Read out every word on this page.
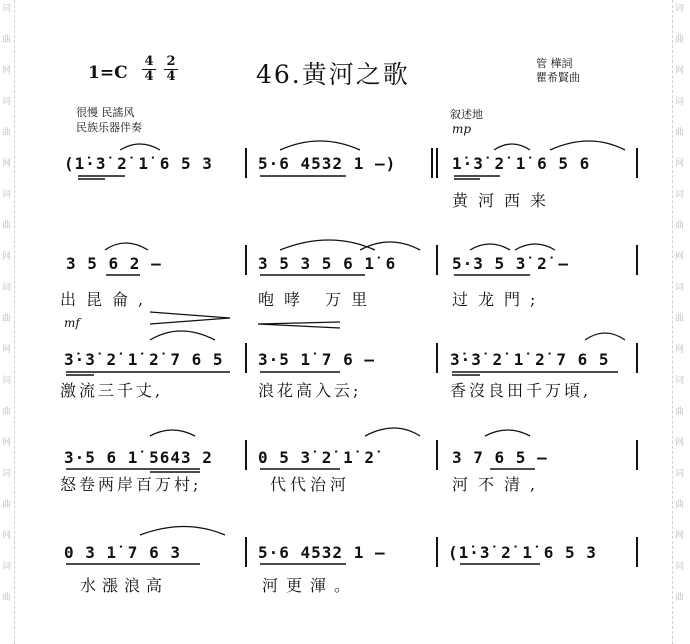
词
曲
网
词
曲
网
词
曲
网
词
曲
网
词
曲
网
词
曲
网
词
曲
词
曲
网
词
曲
网
词
曲
网
词
曲
网
词
曲
网
词
曲
网
词
曲
1=C
4
4
2
4	46.黄河之歌	管 樺詞
瞿希賢曲
很慢 民謠风
民族乐器伴奏
叙述地
mp
mf
(1̇·3̇ 2̇ 1̇ 6 5 3	5·6 4532 1 –)	1̇·3̇ 2̇ 1̇ 6 5 6
黄河西来
3 5 6 2 –	3 5 3 5 6 1̇ 6	5·3 5 3̇ 2̇ –
出昆侖,	咆哮 万里	过龙門;
3̇·3̇ 2̇ 1̇ 2̇ 7 6 5 3·5 1̇ 7 6 –	3̇·3̇ 2̇ 1̇ 2̇ 7 6 5
激流三千丈,	浪花高入云;	香沒良田千万頃,
3·5 6 1̇ 5643 2	0 5 3̇ 2̇ 1̇ 2̇	3 7 6 5 –
怒卷两岸百万村;	代代治河	河不清,
0 3 1̇ 7 6 3	5·6 4532 1 –	(1̇·3̇ 2̇ 1̇ 6 5 3
水漲浪高	河更渾。
